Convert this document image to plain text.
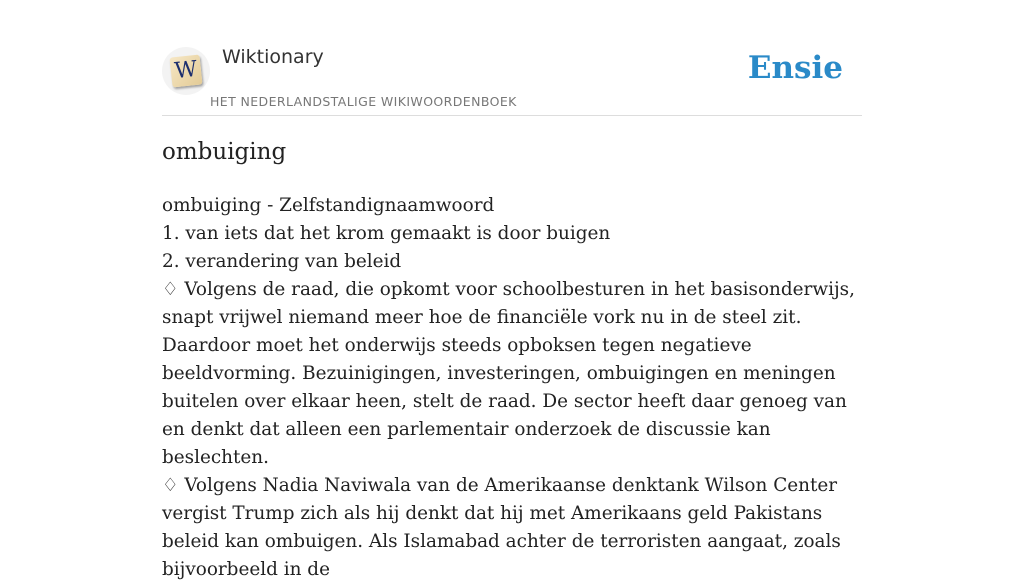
W Wiktionary
HET NEDERLANDSTALIGE WIKIWOORDENBOEK
Ensie
ombuiging
ombuiging - Zelfstandignaamwoord
1. van iets dat het krom gemaakt is door buigen
2. verandering van beleid
♢ Volgens de raad, die opkomt voor schoolbesturen in het basisonderwijs, snapt vrijwel niemand meer hoe de financiële vork nu in de steel zit. Daardoor moet het onderwijs steeds opboksen tegen negatieve beeldvorming. Bezuinigingen, investeringen, ombuigingen en meningen buitelen over elkaar heen, stelt de raad. De sector heeft daar genoeg van en denkt dat alleen een parlementair onderzoek de discussie kan beslechten.
♢ Volgens Nadia Naviwala van de Amerikaanse denktank Wilson Center vergist Trump zich als hij denkt dat hij met Amerikaans geld Pakistans beleid kan ombuigen. Als Islamabad achter de terroristen aangaat, zoals bijvoorbeeld in de
